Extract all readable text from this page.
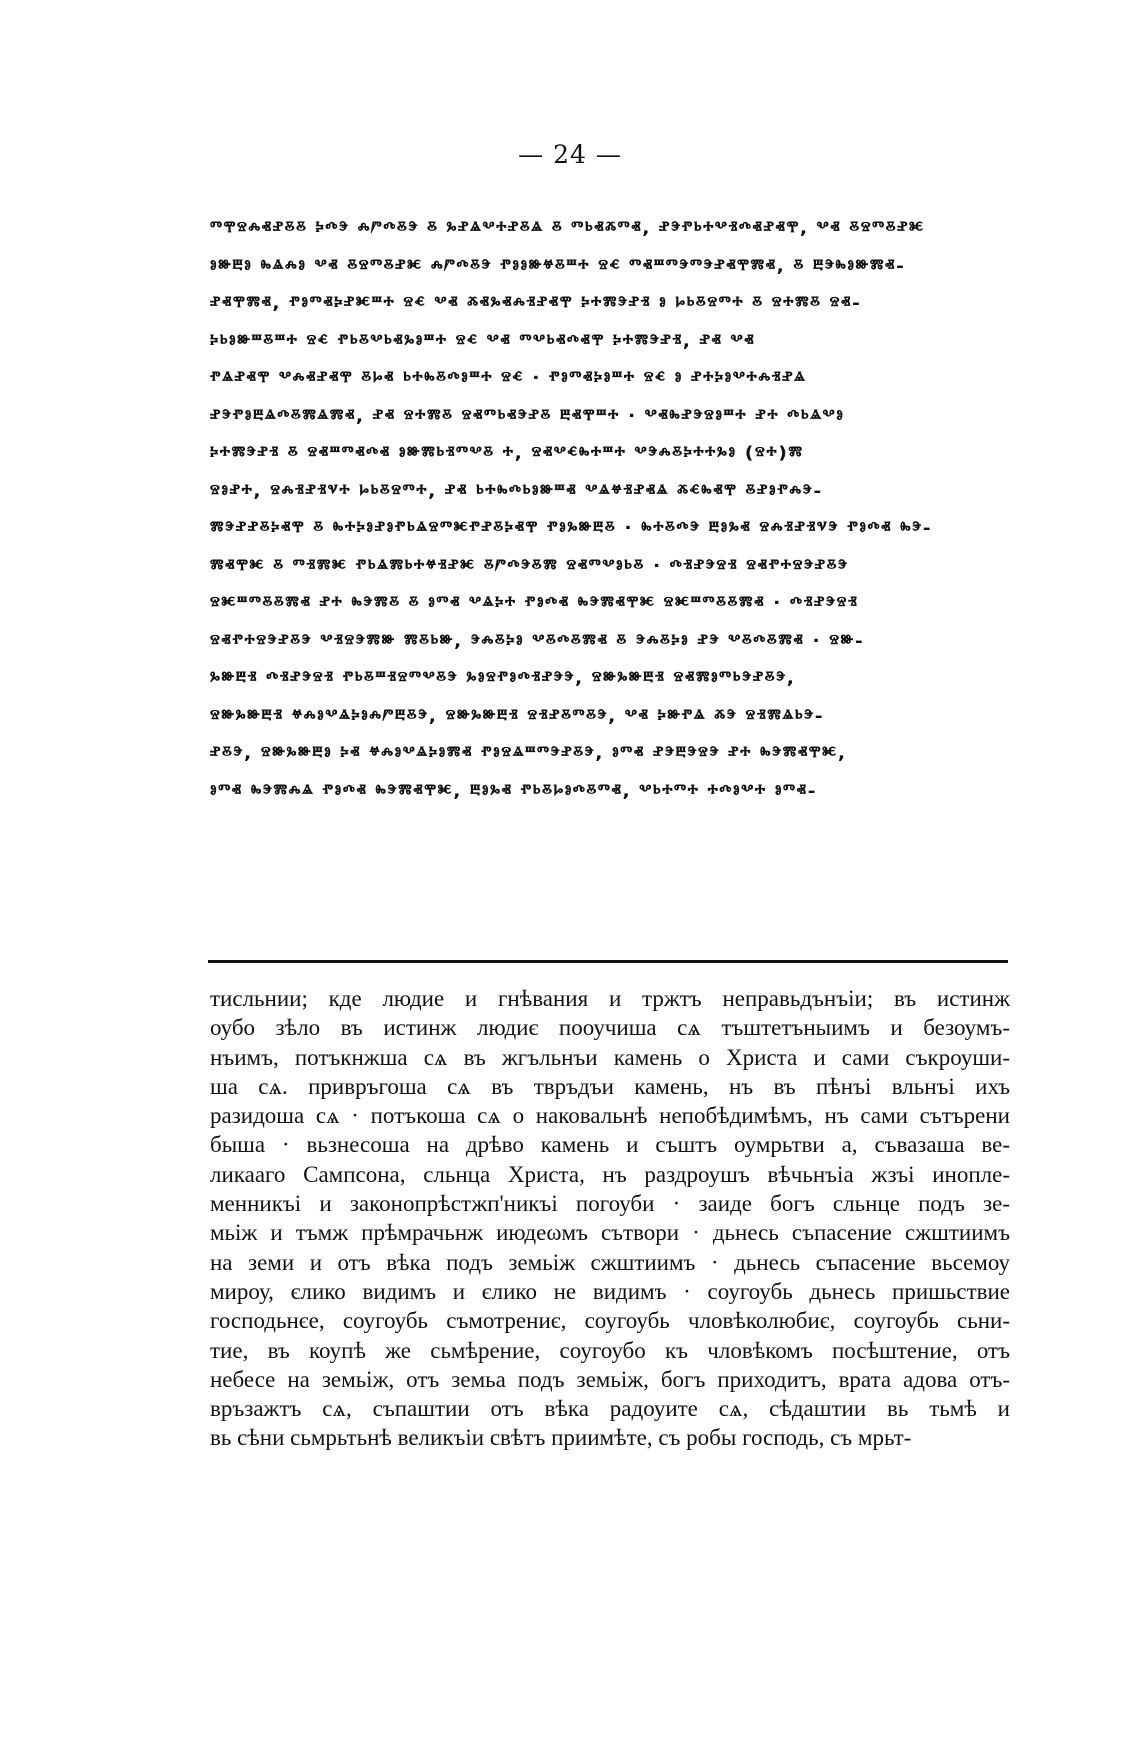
— 24 —
ⱅⰹⱄⰾⱏⱀⰻⰻ ⰽⰴⰵ ⰾⱓⰴⰻⰵ ⰻ ⰳⱀⱑⰲⰰⱀⰻⱑ ⰻ ⱅⱃⱏⰶⱅⱏ, ⱀⰵⱂⱃⰰⰲⱐⰴⱏⱀⱏⰹ, ⰲⱏ ⰻⱄⱅⰻⱀⱘ
ⱁⱆⰱⱁ ⰸⱑⰾⱁ ⰲⱏ ⰻⱄⱅⰻⱀⱘ ⰾⱓⰴⰻⰵ ⱂⱁⱁⱆⱍⰻⱎⰰ ⱄⱔ ⱅⱏⱎⱅⰵⱅⰵⱀⱏⰹⰿⱏ, ⰻ ⰱⰵⰸⱁⱆⰿⱏ-
ⱀⱏⰹⰿⱏ, ⱂⱁⱅⱏⰽⱀⱘⱎⰰ ⱄⱔ ⰲⱏ ⰶⱏⰳⱏⰾⱐⱀⱏⰹ ⰽⰰⰿⰵⱀⱐ ⱁ ⱈⱃⰻⱄⱅⰰ ⰻ ⱄⰰⰿⰻ ⱄⱏ-
ⰽⱃⱁⱆⱎⰻⱎⰰ ⱄⱔ ⱂⱃⰻⰲⱃⱏⰳⱁⱎⰰ ⱄⱔ ⰲⱏ ⱅⰲⱃⱏⰴⱏⰹ ⰽⰰⰿⰵⱀⱐ, ⱀⱏ ⰲⱏ
ⱂⱑⱀⱏⰹ ⰲⰾⱏⱀⱏⰹ ⰻⱈⱏ ⱃⰰⰸⰻⰴⱁⱎⰰ ⱄⱔ · ⱂⱁⱅⱏⰽⱁⱎⰰ ⱄⱔ ⱁ ⱀⰰⰽⱁⰲⰰⰾⱐⱀⱑ
ⱀⰵⱂⱁⰱⱑⰴⰻⰿⱑⰿⱏ, ⱀⱏ ⱄⰰⰿⰻ ⱄⱏⱅⱃⱏⰵⱀⰻ ⰱⱏⰹⱎⰰ · ⰲⱏⰸⱀⰵⱄⱁⱎⰰ ⱀⰰ ⰴⱃⱑⰲⱁ
ⰽⰰⰿⰵⱀⱐ ⰻ ⱄⱏⱎⱅⱏⰴⱏ ⱁⱆⰿⱃⱐⱅⰲⰻ ⰰ, ⱄⱏⰲⱔⰸⰰⱎⰰ ⰲⰵⰾⰻⰽⰰⰰⰳⱁ (ⱄⰰ)ⰿ
ⱄⱁⱀⰰ, ⱄⰾⱐⱀⱐⱌⰰ ⱈⱃⰻⱄⱅⰰ, ⱀⱏ ⱃⰰⰸⰴⱃⱁⱆⱎⱏ ⰲⱑⱍⱐⱀⱏⱑ ⰶⱔⰸⱏⰹ ⰻⱀⱁⱂⰾⰵ-
ⰿⰵⱀⱀⰻⰽⱏⰹ ⰻ ⰸⰰⰽⱁⱀⱁⱂⱃⱑⱄⱅⱘⱂⱀⰻⰽⱏⰹ ⱂⱁⰳⱆⰱⰻ · ⰸⰰⰻⰴⰵ ⰱⱁⰳⱏ ⱄⰾⱐⱀⱐⱌⰵ ⱂⱁⰴⱏ ⰸⰵ-
ⰿⱏⰹⱘ ⰻ ⱅⱐⰿⱘ ⱂⱃⱑⰿⱃⰰⱍⱐⱀⱘ ⰻⱓⰴⰵⰻⰿ ⱄⱏⱅⰲⱁⱃⰻ · ⰴⱐⱀⰵⱄⱐ ⱄⱏⱂⰰⱄⰵⱀⰻⰵ
ⱄⱘⱎⱅⰻⰻⰿⱏ ⱀⰰ ⰸⰵⰿⰻ ⰻ ⱁⱅⱏ ⰲⱑⰽⰰ ⱂⱁⰴⱏ ⰸⰵⰿⱏⰹⱘ ⱄⱘⱎⱅⰻⰻⰿⱏ · ⰴⱐⱀⰵⱄⱐ
ⱄⱏⱂⰰⱄⰵⱀⰻⰵ ⰲⱐⱄⰵⰿⱆ ⰿⰻⱃⱆ, ⰵⰾⰻⰽⱁ ⰲⰻⰴⰻⰿⱏ ⰻ ⰵⰾⰻⰽⱁ ⱀⰵ ⰲⰻⰴⰻⰿⱏ · ⱄⱆ-
ⰳⱆⰱⱐ ⰴⱐⱀⰵⱄⱐ ⱂⱃⰻⱎⱐⱄⱅⰲⰻⰵ ⰳⱁⱄⱂⱁⰴⱐⱀⰵⰵ, ⱄⱆⰳⱆⰱⱐ ⱄⱏⰿⱁⱅⱃⰵⱀⰻⰵ,
ⱄⱆⰳⱆⰱⱐ ⱍⰾⱁⰲⱑⰽⱁⰾⱓⰱⰻⰵ, ⱄⱆⰳⱆⰱⱐ ⱄⱐⱀⰻⱅⰻⰵ, ⰲⱏ ⰽⱆⱂⱑ ⰶⰵ ⱄⱐⰿⱑⱃⰵ-
ⱀⰻⰵ, ⱄⱆⰳⱆⰱⱁ ⰽⱏ ⱍⰾⱁⰲⱑⰽⱁⰿⱏ ⱂⱁⱄⱑⱎⱅⰵⱀⰻⰵ, ⱁⱅⱏ ⱀⰵⰱⰵⱄⰵ ⱀⰰ ⰸⰵⰿⱏⰹⱘ,
ⱁⱅⱏ ⰸⰵⰿⰾⱑ ⱂⱁⰴⱏ ⰸⰵⰿⱏⰹⱘ, ⰱⱁⰳⱏ ⱂⱃⰻⱈⱁⰴⰻⱅⱏ, ⰲⱃⰰⱅⰰ ⰰⰴⱁⰲⰰ ⱁⱅⱏ-
тисльнии; кде людие и гнѣвания и тржтъ неправьдънъіи; въ истинж
оубо зѣло въ истинж людиє пооучиша сѧ тъштетъныимъ и безоумъ-
нъимъ, потъкнжша сѧ въ жгъльнъи камень о Христа и сами съкроуши-
ша сѧ. привръгоша сѧ въ твръдъи камень, нъ въ пѣнъі вльнъі ихъ
разидоша сѧ · потъкоша сѧ о наковальнѣ непобѣдимѣмъ, нъ сами сътърени
быша · вьзнесоша на дрѣво камень и съштъ оумрьтви а, съвазаша ве-
ликааго Сампсона, сльнца Христа, нъ раздроушъ вѣчьнъіа жзъі иноплe-
менникъі и законопрѣстжп'никъі погоуби · заиде богъ сльнце подъ зе-
мьіж и тъмж прѣмрачьнж июдеωмъ сътвори · дьнесь съпасение сжштиимъ
на земи и отъ вѣка подъ земьіж сжштиимъ · дьнесь съпасение вьсемоу
мироу, єлико видимъ и єлико не видимъ · соугоубь дьнесь пришьствие
господьнєе, соугоубь съмотрениє, соугоубь чловѣколюбиє, соугоубь сьни-
тие, въ коупѣ же сьмѣрение, соугоубо къ чловѣкомъ посѣштение, отъ
небесе на земьіж, отъ земьа подъ земьіж, богъ приходитъ, врата адова отъ-
връзажтъ сѧ, съпаштии отъ вѣка радоуите сѧ, сѣдаштии вь тьмѣ и
вь сѣни сьмрьтьнѣ великъіи свѣтъ приимѣте, съ робы господь, съ мрьт-
